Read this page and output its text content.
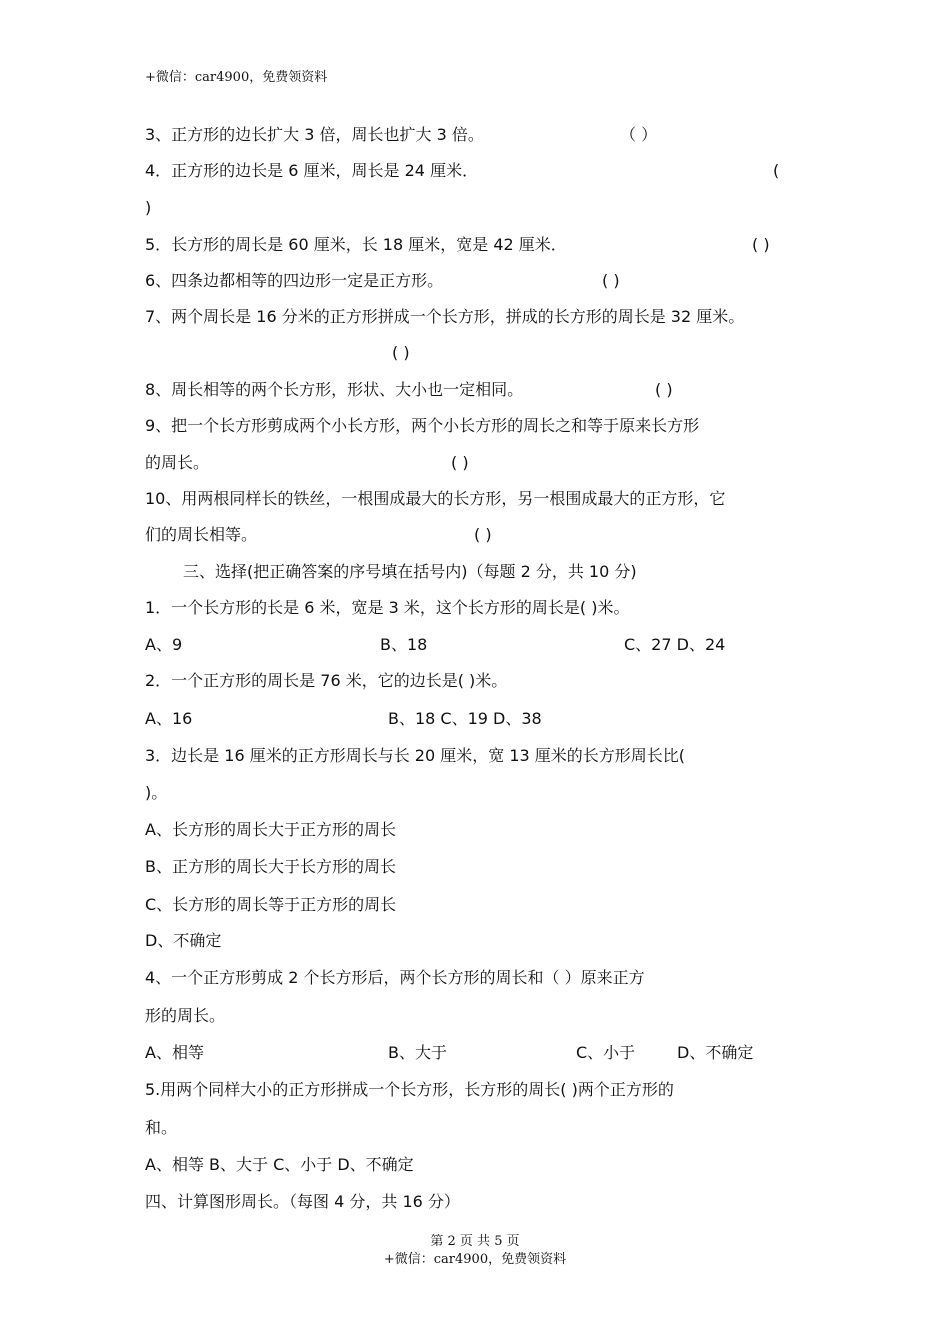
+微信：car4900，免费领资料
3、正方形的边长扩大 3 倍，周长也扩大 3 倍。	（ ）
4．正方形的边长是 6 厘米，周长是 24 厘米．	(
)
5．长方形的周长是 60 厘米，长 18 厘米，宽是 42 厘米．	( )
6、四条边都相等的四边形一定是正方形。	( )
7、两个周长是 16 分米的正方形拼成一个长方形，拼成的长方形的周长是 32 厘米。
( )
8、周长相等的两个长方形，形状、大小也一定相同。	( )
9、把一个长方形剪成两个小长方形，两个小长方形的周长之和等于原来长方形
的周长。	( )
10、用两根同样长的铁丝，一根围成最大的长方形，另一根围成最大的正方形，它
们的周长相等。	( )
三、选择(把正确答案的序号填在括号内)（每题 2 分，共 10 分)
1．一个长方形的长是 6 米，宽是 3 米，这个长方形的周长是( )米。
A、9	B、18	C、27 D、24
2．一个正方形的周长是 76 米，它的边长是( )米。
A、16	B、18 C、19 D、38
3．边长是 16 厘米的正方形周长与长 20 厘米，宽 13 厘米的长方形周长比(
)。
A、长方形的周长大于正方形的周长
B、正方形的周长大于长方形的周长
C、长方形的周长等于正方形的周长
D、不确定
4、一个正方形剪成 2 个长方形后，两个长方形的周长和（ ）原来正方
形的周长。
A、相等	B、大于	C、小于	D、不确定
5.用两个同样大小的正方形拼成一个长方形，长方形的周长( )两个正方形的
和。
A、相等 B、大于 C、小于 D、不确定
四、计算图形周长。（每图 4 分，共 16 分）
第 2 页 共 5 页
+微信：car4900，免费领资料
